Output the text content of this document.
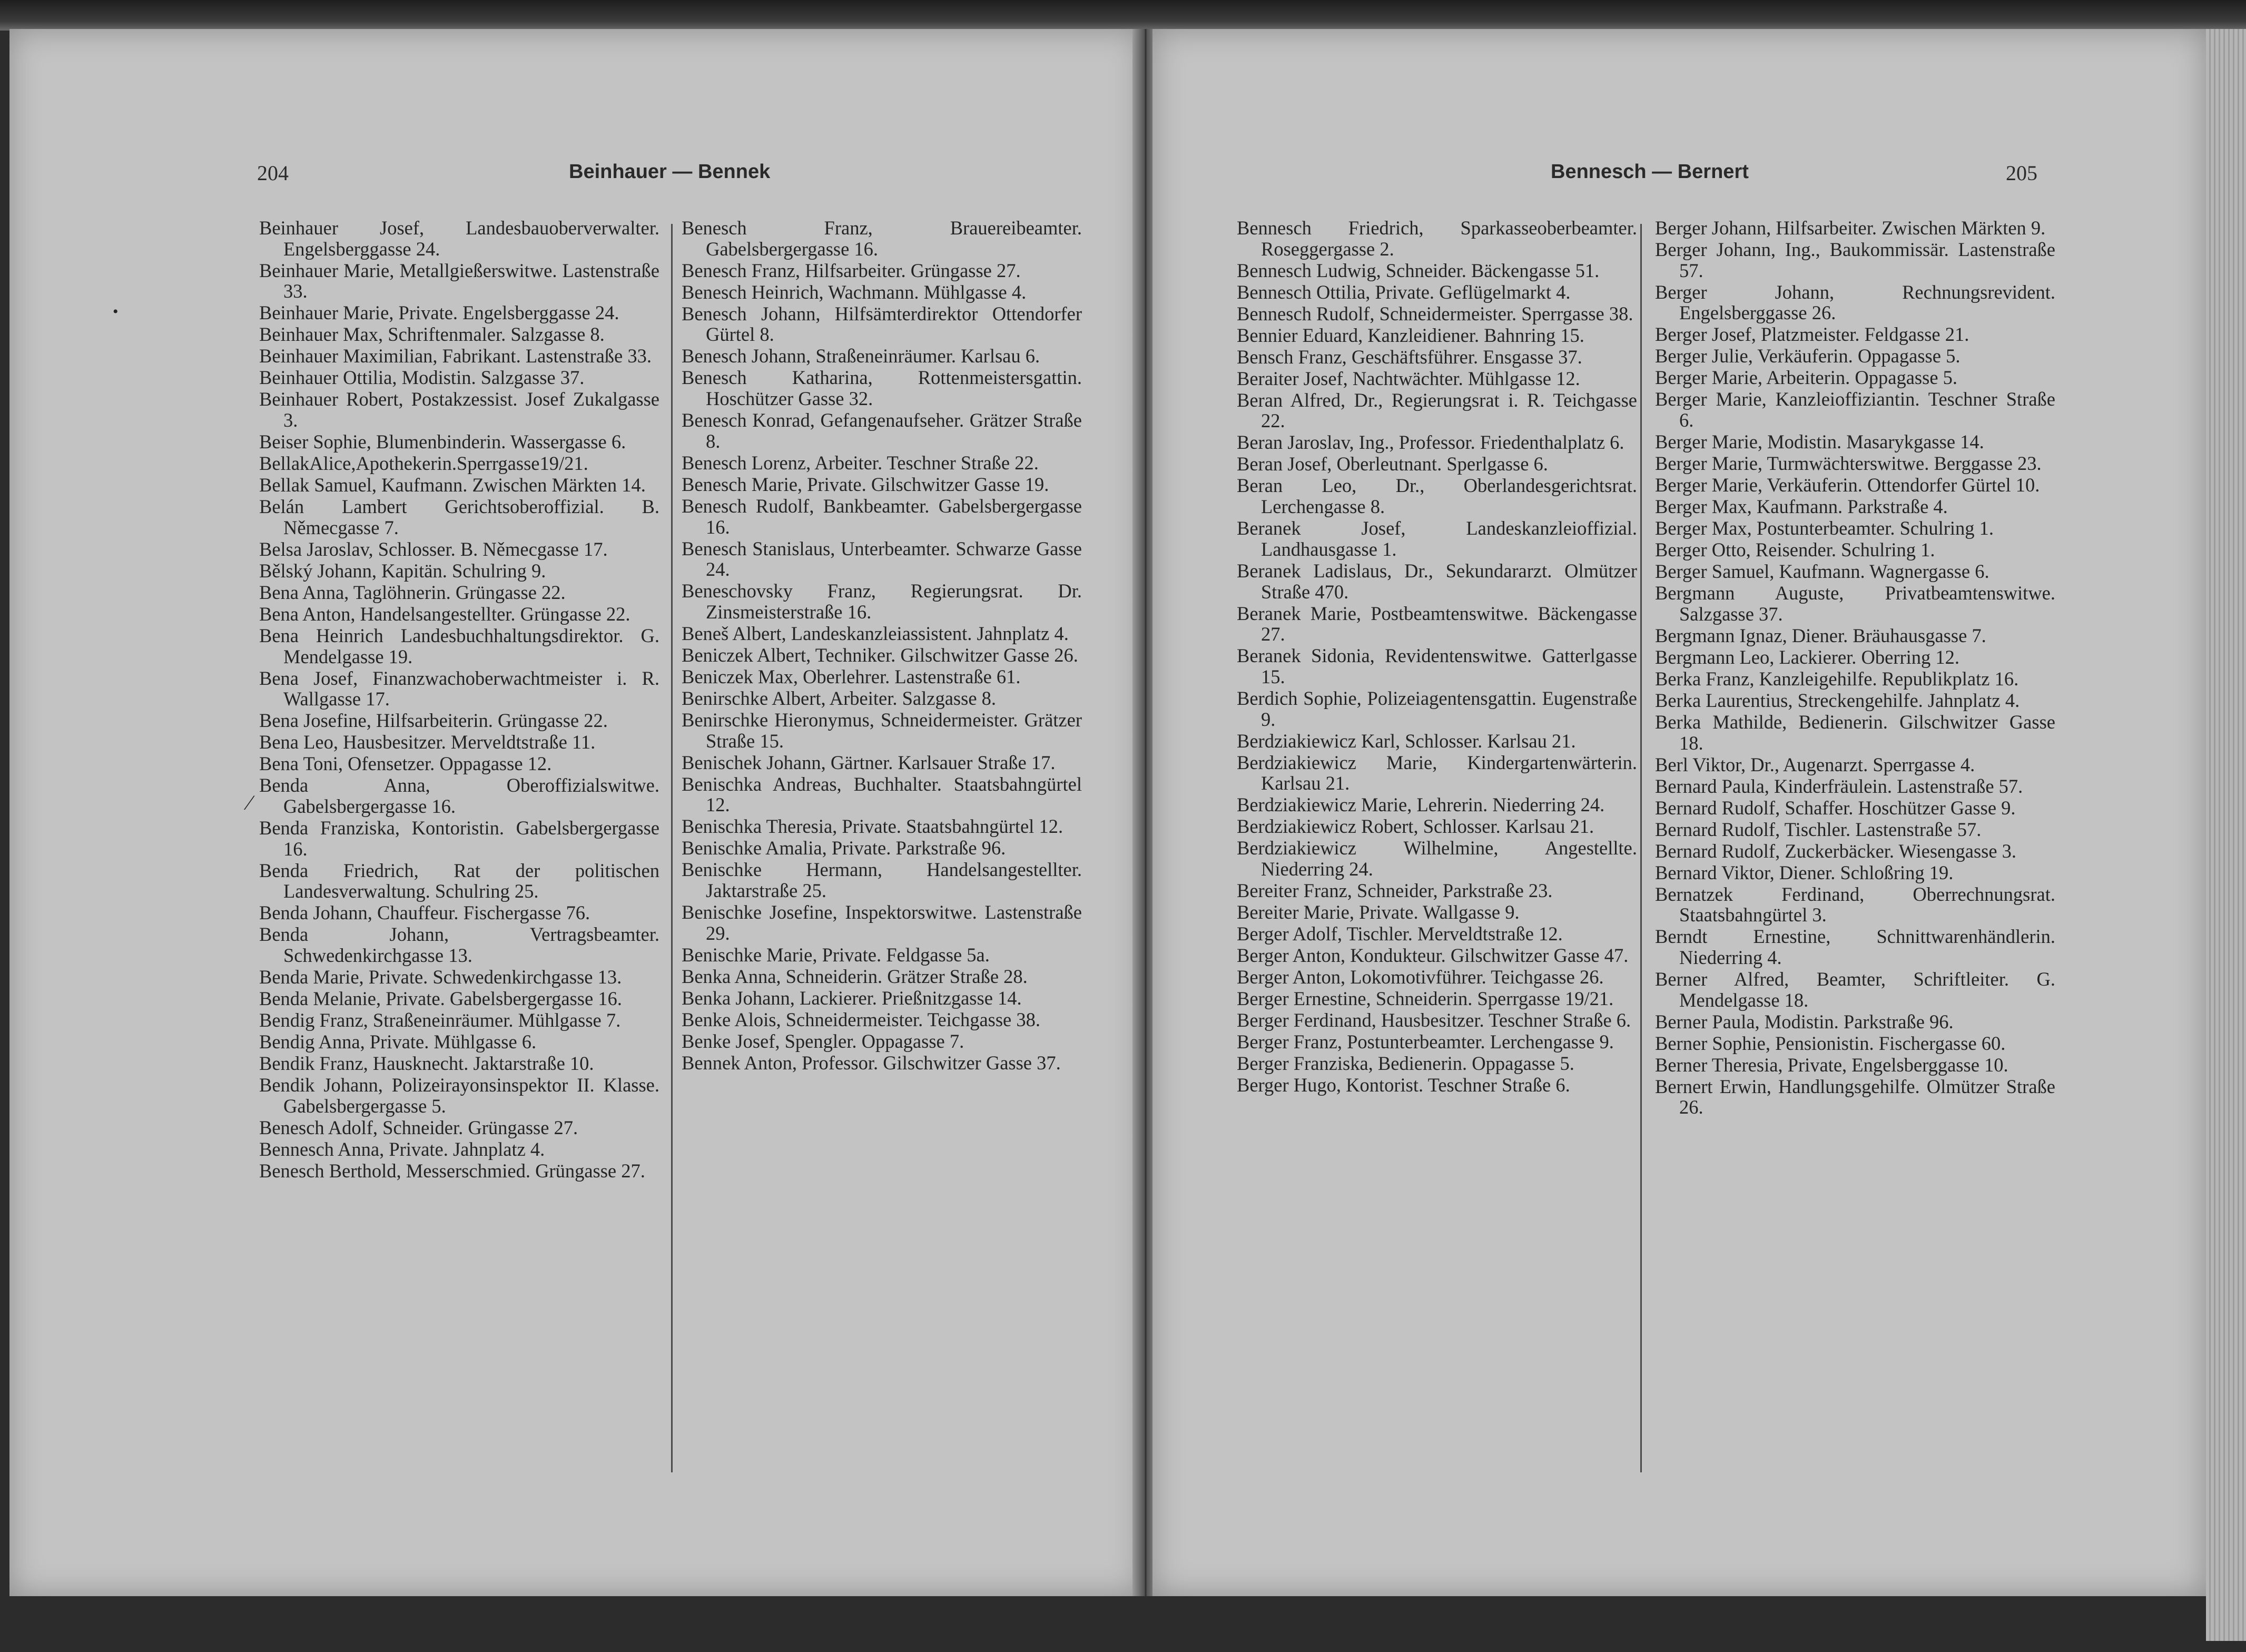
204	Beinhauer — Bennek

Beinhauer Josef, Landesbauoberverwalter. Engelsberggasse 24.

Beinhauer Marie, Metallgießerswitwe. Lastenstraße 33.

Beinhauer Marie, Private. Engelsberggasse 24.

Beinhauer Max, Schriftenmaler. Salzgasse 8.

Beinhauer Maximilian, Fabrikant. Lastenstraße 33.

Beinhauer Ottilia, Modistin. Salzgasse 37.

Beinhauer Robert, Postakzessist. Josef Zukalgasse 3.

Beiser Sophie, Blumenbinderin. Wassergasse 6.

BellakAlice,Apothekerin.Sperrgasse19/21.

Bellak Samuel, Kaufmann. Zwischen Märkten 14.

Belán Lambert Gerichtsoberoffizial. B. Němecgasse 7.

Belsa Jaroslav, Schlosser. B. Němecgasse 17.

Bělský Johann, Kapitän. Schulring 9.

Bena Anna, Taglöhnerin. Grüngasse 22.

Bena Anton, Handelsangestellter. Grüngasse 22.

Bena Heinrich Landesbuchhaltungsdirektor. G. Mendelgasse 19.

Bena Josef, Finanzwachoberwachtmeister i. R. Wallgasse 17.

Bena Josefine, Hilfsarbeiterin. Grüngasse 22.

Bena Leo, Hausbesitzer. Merveldtstraße 11.

Bena Toni, Ofensetzer. Oppagasse 12.

Benda Anna, Oberoffizialswitwe. Gabelsbergergasse 16.

Benda Franziska, Kontoristin. Gabelsbergergasse 16.

Benda Friedrich, Rat der politischen Landesverwaltung. Schulring 25.

Benda Johann, Chauffeur. Fischergasse 76.

Benda Johann, Vertragsbeamter. Schwedenkirchgasse 13.

Benda Marie, Private. Schwedenkirchgasse 13.

Benda Melanie, Private. Gabelsbergergasse 16.

Bendig Franz, Straßeneinräumer. Mühlgasse 7.

Bendig Anna, Private. Mühlgasse 6.

Bendik Franz, Hausknecht. Jaktarstraße 10.

Bendik Johann, Polizeirayonsinspektor II. Klasse. Gabelsbergergasse 5.

Benesch Adolf, Schneider. Grüngasse 27.

Bennesch Anna, Private. Jahnplatz 4.

Benesch Berthold, Messerschmied. Grüngasse 27.

Benesch Franz, Brauereibeamter. Gabelsbergergasse 16.

Benesch Franz, Hilfsarbeiter. Grüngasse 27.

Benesch Heinrich, Wachmann. Mühlgasse 4.

Benesch Johann, Hilfsämterdirektor Ottendorfer Gürtel 8.

Benesch Johann, Straßeneinräumer. Karlsau 6.

Benesch Katharina, Rottenmeistersgattin. Hoschützer Gasse 32.

Benesch Konrad, Gefangenaufseher. Grätzer Straße 8.

Benesch Lorenz, Arbeiter. Teschner Straße 22.

Benesch Marie, Private. Gilschwitzer Gasse 19.

Benesch Rudolf, Bankbeamter. Gabelsbergergasse 16.

Benesch Stanislaus, Unterbeamter. Schwarze Gasse 24.

Beneschovsky Franz, Regierungsrat. Dr. Zinsmeisterstraße 16.

Beneš Albert, Landeskanzleiassistent. Jahnplatz 4.

Beniczek Albert, Techniker. Gilschwitzer Gasse 26.

Beniczek Max, Oberlehrer. Lastenstraße 61.

Benirschke Albert, Arbeiter. Salzgasse 8.

Benirschke Hieronymus, Schneidermeister. Grätzer Straße 15.

Benischek Johann, Gärtner. Karlsauer Straße 17.

Benischka Andreas, Buchhalter. Staatsbahngürtel 12.

Benischka Theresia, Private. Staatsbahngürtel 12.

Benischke Amalia, Private. Parkstraße 96.

Benischke Hermann, Handelsangestellter. Jaktarstraße 25.

Benischke Josefine, Inspektorswitwe. Lastenstraße 29.

Benischke Marie, Private. Feldgasse 5a.

Benka Anna, Schneiderin. Grätzer Straße 28.

Benka Johann, Lackierer. Prießnitzgasse 14.

Benke Alois, Schneidermeister. Teichgasse 38.

Benke Josef, Spengler. Oppagasse 7.

Bennek Anton, Professor. Gilschwitzer Gasse 37.

⁄
•
Bennesch — Bernert	205

Bennesch Friedrich, Sparkasseoberbeamter. Roseggergasse 2.

Bennesch Ludwig, Schneider. Bäckengasse 51.

Bennesch Ottilia, Private. Geflügelmarkt 4.

Bennesch Rudolf, Schneidermeister. Sperrgasse 38.

Bennier Eduard, Kanzleidiener. Bahnring 15.

Bensch Franz, Geschäftsführer. Ensgasse 37.

Beraiter Josef, Nachtwächter. Mühlgasse 12.

Beran Alfred, Dr., Regierungsrat i. R. Teichgasse 22.

Beran Jaroslav, Ing., Professor. Friedenthalplatz 6.

Beran Josef, Oberleutnant. Sperlgasse 6.

Beran Leo, Dr., Oberlandesgerichtsrat. Lerchengasse 8.

Beranek Josef, Landeskanzleioffizial. Landhausgasse 1.

Beranek Ladislaus, Dr., Sekundararzt. Olmützer Straße 470.

Beranek Marie, Postbeamtenswitwe. Bäckengasse 27.

Beranek Sidonia, Revidentenswitwe. Gatterlgasse 15.

Berdich Sophie, Polizeiagentensgattin. Eugenstraße 9.

Berdziakiewicz Karl, Schlosser. Karlsau 21.

Berdziakiewicz Marie, Kindergartenwärterin. Karlsau 21.

Berdziakiewicz Marie, Lehrerin. Niederring 24.

Berdziakiewicz Robert, Schlosser. Karlsau 21.

Berdziakiewicz Wilhelmine, Angestellte. Niederring 24.

Bereiter Franz, Schneider, Parkstraße 23.

Bereiter Marie, Private. Wallgasse 9.

Berger Adolf, Tischler. Merveldtstraße 12.

Berger Anton, Kondukteur. Gilschwitzer Gasse 47.

Berger Anton, Lokomotivführer. Teichgasse 26.

Berger Ernestine, Schneiderin. Sperrgasse 19/21.

Berger Ferdinand, Hausbesitzer. Teschner Straße 6.

Berger Franz, Postunterbeamter. Lerchengasse 9.

Berger Franziska, Bedienerin. Oppagasse 5.

Berger Hugo, Kontorist. Teschner Straße 6.

Berger Johann, Hilfsarbeiter. Zwischen Märkten 9.

Berger Johann, Ing., Baukommissär. Lastenstraße 57.

Berger Johann, Rechnungsrevident. Engelsberggasse 26.

Berger Josef, Platzmeister. Feldgasse 21.

Berger Julie, Verkäuferin. Oppagasse 5.

Berger Marie, Arbeiterin. Oppagasse 5.

Berger Marie, Kanzleioffiziantin. Teschner Straße 6.

Berger Marie, Modistin. Masarykgasse 14.

Berger Marie, Turmwächterswitwe. Berggasse 23.

Berger Marie, Verkäuferin. Ottendorfer Gürtel 10.

Berger Max, Kaufmann. Parkstraße 4.

Berger Max, Postunterbeamter. Schulring 1.

Berger Otto, Reisender. Schulring 1.

Berger Samuel, Kaufmann. Wagnergasse 6.

Bergmann Auguste, Privatbeamtenswitwe. Salzgasse 37.

Bergmann Ignaz, Diener. Bräuhausgasse 7.

Bergmann Leo, Lackierer. Oberring 12.

Berka Franz, Kanzleigehilfe. Republikplatz 16.

Berka Laurentius, Streckengehilfe. Jahnplatz 4.

Berka Mathilde, Bedienerin. Gilschwitzer Gasse 18.

Berl Viktor, Dr., Augenarzt. Sperrgasse 4.

Bernard Paula, Kinderfräulein. Lastenstraße 57.

Bernard Rudolf, Schaffer. Hoschützer Gasse 9.

Bernard Rudolf, Tischler. Lastenstraße 57.

Bernard Rudolf, Zuckerbäcker. Wiesengasse 3.

Bernard Viktor, Diener. Schloßring 19.

Bernatzek Ferdinand, Oberrechnungsrat. Staatsbahngürtel 3.

Berndt Ernestine, Schnittwarenhändlerin. Niederring 4.

Berner Alfred, Beamter, Schriftleiter. G. Mendelgasse 18.

Berner Paula, Modistin. Parkstraße 96.

Berner Sophie, Pensionistin. Fischergasse 60.

Berner Theresia, Private, Engelsberggasse 10.

Bernert Erwin, Handlungsgehilfe. Olmützer Straße 26.
